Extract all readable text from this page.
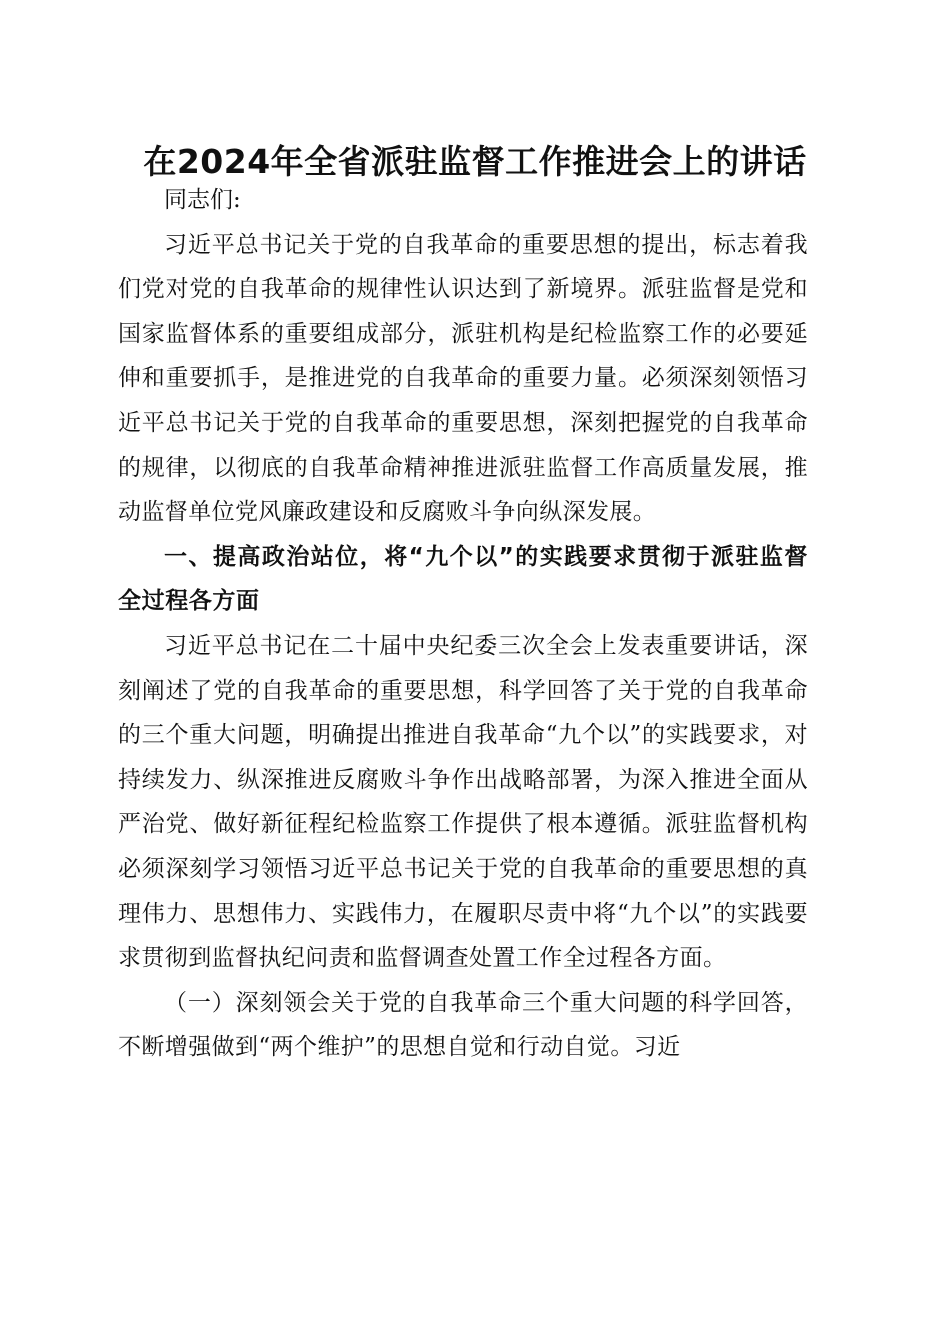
在2024年全省派驻监督工作推进会上的讲话

同志们:

习近平总书记关于党的自我革命的重要思想的提出，标志着我们党对党的自我革命的规律性认识达到了新境界。派驻监督是党和国家监督体系的重要组成部分，派驻机构是纪检监察工作的必要延伸和重要抓手，是推进党的自我革命的重要力量。必须深刻领悟习近平总书记关于党的自我革命的重要思想，深刻把握党的自我革命的规律，以彻底的自我革命精神推进派驻监督工作高质量发展，推动监督单位党风廉政建设和反腐败斗争向纵深发展。

一、提高政治站位，将“九个以”的实践要求贯彻于派驻监督全过程各方面

习近平总书记在二十届中央纪委三次全会上发表重要讲话，深刻阐述了党的自我革命的重要思想，科学回答了关于党的自我革命的三个重大问题，明确提出推进自我革命“九个以”的实践要求，对持续发力、纵深推进反腐败斗争作出战略部署，为深入推进全面从严治党、做好新征程纪检监察工作提供了根本遵循。派驻监督机构必须深刻学习领悟习近平总书记关于党的自我革命的重要思想的真理伟力、思想伟力、实践伟力，在履职尽责中将“九个以”的实践要求贯彻到监督执纪问责和监督调查处置工作全过程各方面。

（一）深刻领会关于党的自我革命三个重大问题的科学回答，不断增强做到“两个维护”的思想自觉和行动自觉。习近
